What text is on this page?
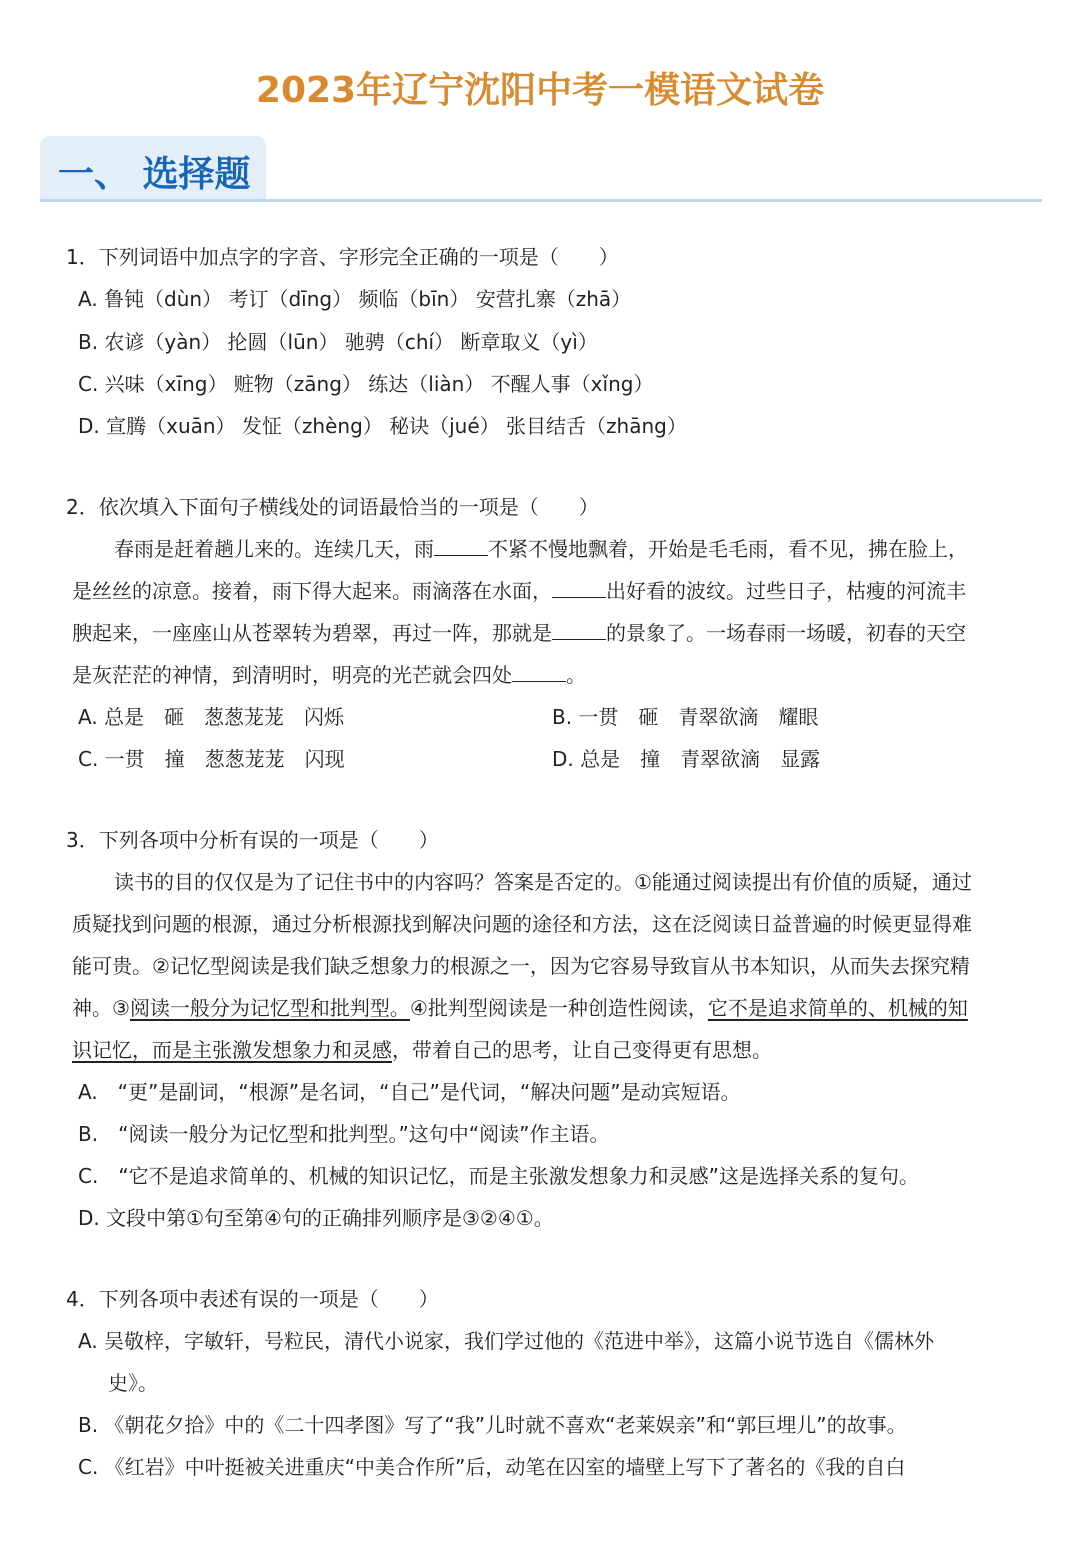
2023年辽宁沈阳中考一模语文试卷
一、 选择题
1．下列词语中加点字的字音、字形完全正确的一项是（　　）
A. 鲁钝（dùn） 考订（dīng） 频临（bīn） 安营扎寨（zhā）
B. 农谚（yàn） 抡圆（lūn） 驰骋（chí） 断章取义（yì）
C. 兴味（xīng） 赃物（zāng） 练达（liàn） 不醒人事（xǐng）
D. 宣腾（xuān） 发怔（zhèng） 秘诀（jué） 张目结舌（zhāng）
2．依次填入下面句子横线处的词语最恰当的一项是（　　）
春雨是赶着趟儿来的。连续几天，雨	不紧不慢地飘着，开始是毛毛雨，看不见，拂在脸上，
是丝丝的凉意。接着，雨下得大起来。雨滴落在水面，	出好看的波纹。过些日子，枯瘦的河流丰
腴起来，一座座山从苍翠转为碧翠，再过一阵，那就是	的景象了。一场春雨一场暖，初春的天空
是灰茫茫的神情，到清明时，明亮的光芒就会四处	。
A. 总是　砸　葱葱茏茏　闪烁	B. 一贯　砸　青翠欲滴　耀眼
C. 一贯　撞　葱葱茏茏　闪现	D. 总是　撞　青翠欲滴　显露
3．下列各项中分析有误的一项是（　　）
读书的目的仅仅是为了记住书中的内容吗？答案是否定的。①能通过阅读提出有价值的质疑，通过
质疑找到问题的根源，通过分析根源找到解决问题的途径和方法，这在泛阅读日益普遍的时候更显得难
能可贵。②记忆型阅读是我们缺乏想象力的根源之一，因为它容易导致盲从书本知识，从而失去探究精
神。③阅读一般分为记忆型和批判型。④批判型阅读是一种创造性阅读，它不是追求简单的、机械的知
识记忆，而是主张激发想象力和灵感，带着自己的思考，让自己变得更有思想。
A.　“更”是副词，“根源”是名词，“自己”是代词，“解决问题”是动宾短语。
B.　“阅读一般分为记忆型和批判型。”这句中“阅读”作主语。
C.　“它不是追求简单的、机械的知识记忆，而是主张激发想象力和灵感”这是选择关系的复句。
D. 文段中第①句至第④句的正确排列顺序是③②④①。
4．下列各项中表述有误的一项是（　　）
A. 吴敬梓，字敏轩，号粒民，清代小说家，我们学过他的《范进中举》，这篇小说节选自《儒林外
史》。
B. 《朝花夕拾》中的《二十四孝图》写了“我”儿时就不喜欢“老莱娱亲”和“郭巨埋儿”的故事。
C. 《红岩》中叶挺被关进重庆“中美合作所”后，动笔在囚室的墙壁上写下了著名的《我的自白
